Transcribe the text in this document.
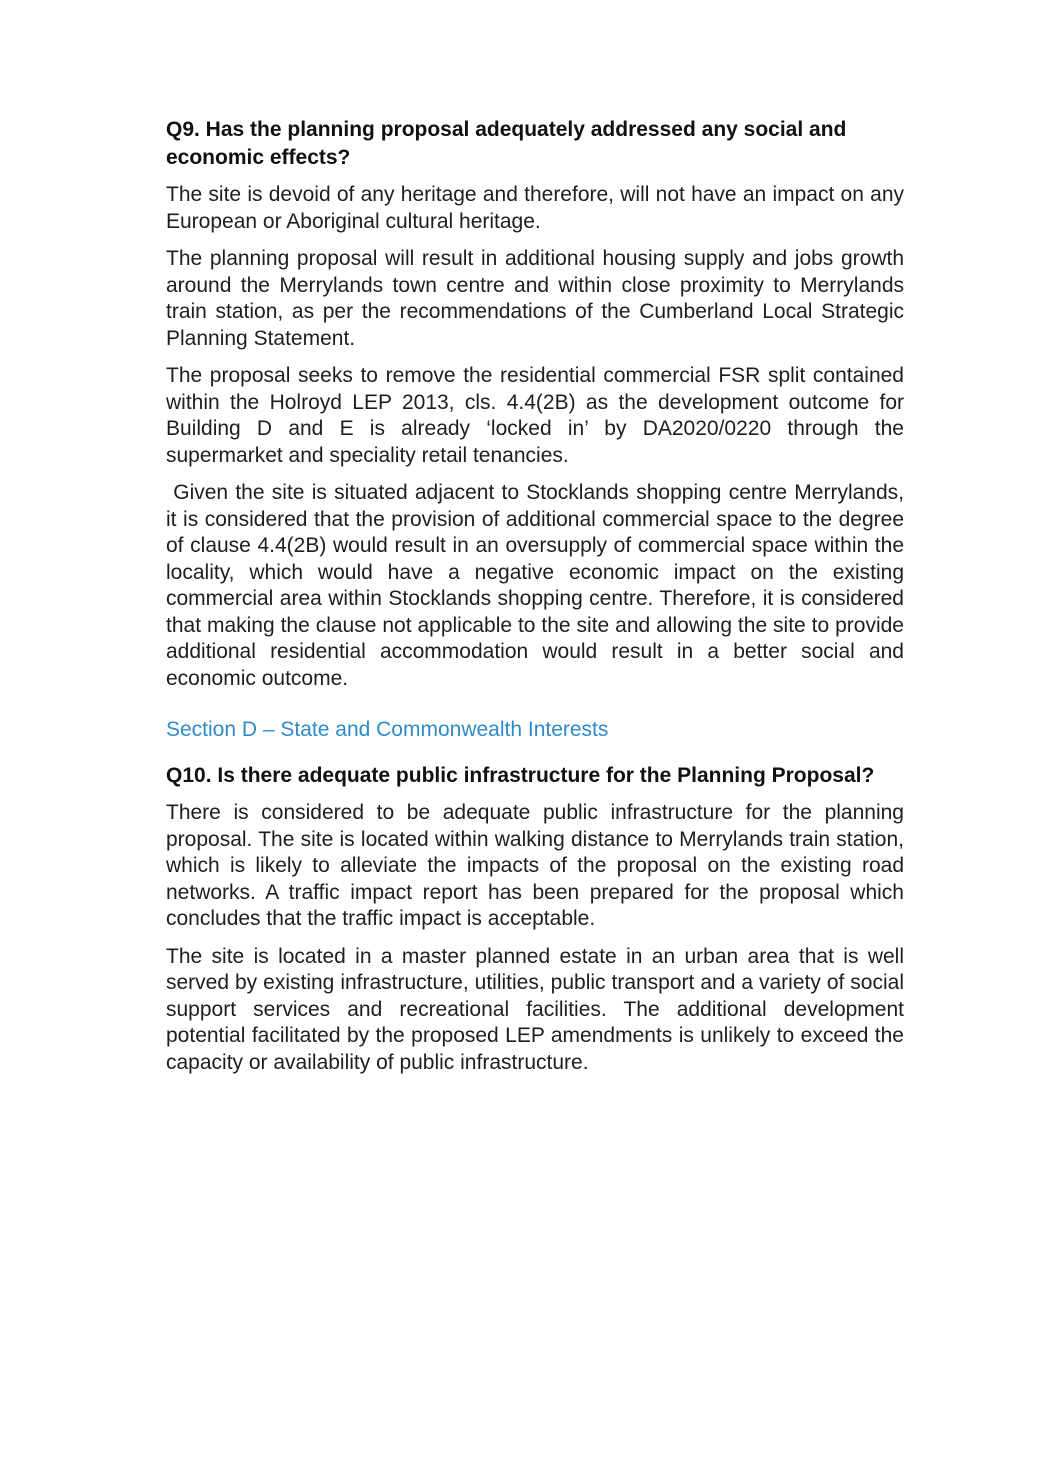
Q9. Has the planning proposal adequately addressed any social and economic effects?

The site is devoid of any heritage and therefore, will not have an impact on any European or Aboriginal cultural heritage.

The planning proposal will result in additional housing supply and jobs growth around the Merrylands town centre and within close proximity to Merrylands train station, as per the recommendations of the Cumberland Local Strategic Planning Statement.

The proposal seeks to remove the residential commercial FSR split contained within the Holroyd LEP 2013, cls. 4.4(2B) as the development outcome for Building D and E is already ‘locked in’ by DA2020/0220 through the supermarket and speciality retail tenancies.

Given the site is situated adjacent to Stocklands shopping centre Merrylands, it is considered that the provision of additional commercial space to the degree of clause 4.4(2B) would result in an oversupply of commercial space within the locality, which would have a negative economic impact on the existing commercial area within Stocklands shopping centre. Therefore, it is considered that making the clause not applicable to the site and allowing the site to provide additional residential accommodation would result in a better social and economic outcome.

Section D – State and Commonwealth Interests
Q10. Is there adequate public infrastructure for the Planning Proposal?

There is considered to be adequate public infrastructure for the planning proposal. The site is located within walking distance to Merrylands train station, which is likely to alleviate the impacts of the proposal on the existing road networks. A traffic impact report has been prepared for the proposal which concludes that the traffic impact is acceptable.

The site is located in a master planned estate in an urban area that is well served by existing infrastructure, utilities, public transport and a variety of social support services and recreational facilities. The additional development potential facilitated by the proposed LEP amendments is unlikely to exceed the capacity or availability of public infrastructure.
